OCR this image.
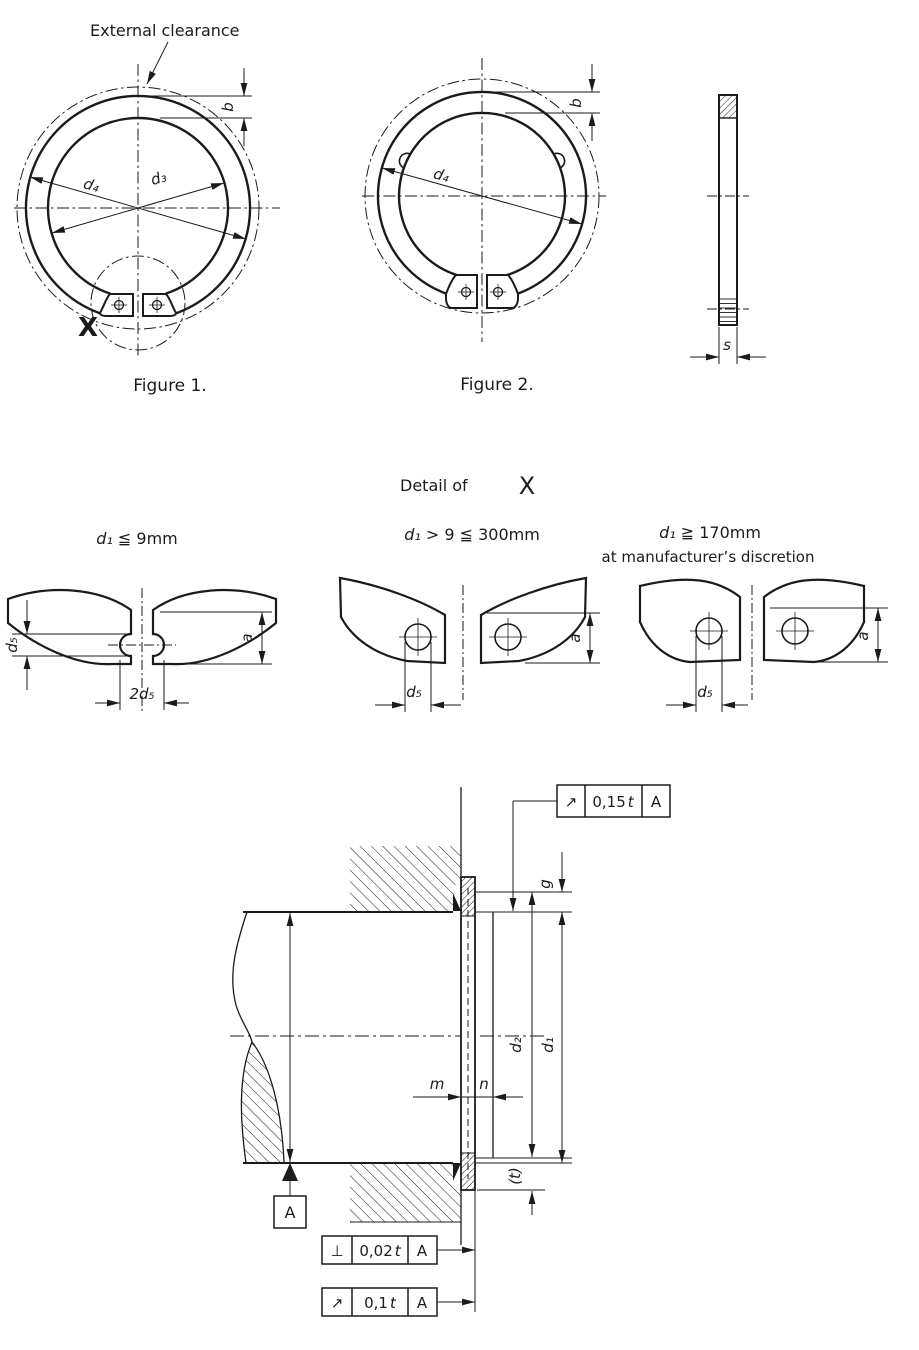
External clearance
b
d₄	d₃
X
Figure 1.
b
d₄
Figure 2.
s
Detail of X
d₁ ≦ 9mm	d₁ > 9 ≦ 300mm	d₁ ≧ 170mm
at manufacturer’s discretion
d₅
2d₅
a
d₅
a
d₅
a
↗ 0,15 t A
⊥ 0,02 t A
↗ 0,1 t A
A
g
d₂ d₁
m n
(t)
